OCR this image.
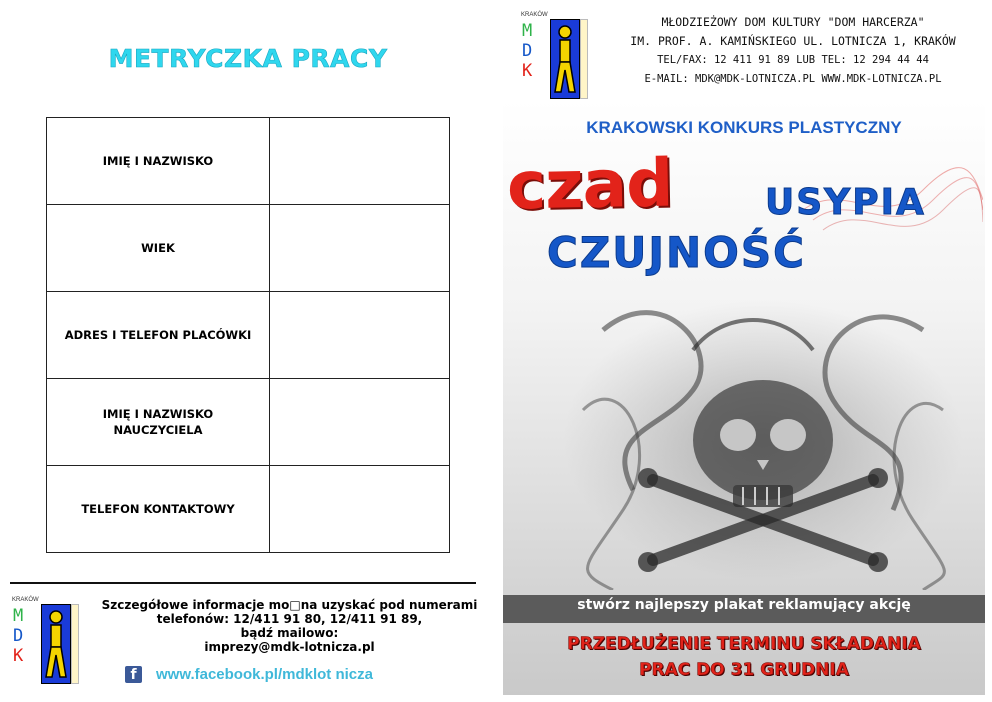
METRYCZKA PRACY
IMIĘ I NAZWISKO	
WIEK	
ADRES I TELEFON PLACÓWKI	
IMIĘ I NAZWISKO NAUCZYCIELA	
TELEFON KONTAKTOWY	
KRAKÓW
M
D
K
Szczegółowe informacje mo□na uzyskać pod numerami
telefonów: 12/411 91 80, 12/411 91 89,
bądź mailowo:
imprezy@mdk-lotnicza.pl
f	www.facebook.pl/mdklot nicza
KRAKÓW
M
D
K
MŁODZIEŻOWY DOM KULTURY "DOM HARCERZA"
IM. PROF. A. KAMIŃSKIEGO UL. LOTNICZA 1, KRAKÓW
TEL/FAX: 12 411 91 89 LUB TEL: 12 294 44 44
E-MAIL: MDK@MDK-LOTNICZA.PL WWW.MDK-LOTNICZA.PL
KRAKOWSKI KONKURS PLASTYCZNY
czad	USYPIA
CZUJNOŚĆ
stwórz najlepszy plakat reklamujący akcję
PRZEDŁUŻENIE TERMINU SKŁADANIA
PRAC DO 31 GRUDNIA
